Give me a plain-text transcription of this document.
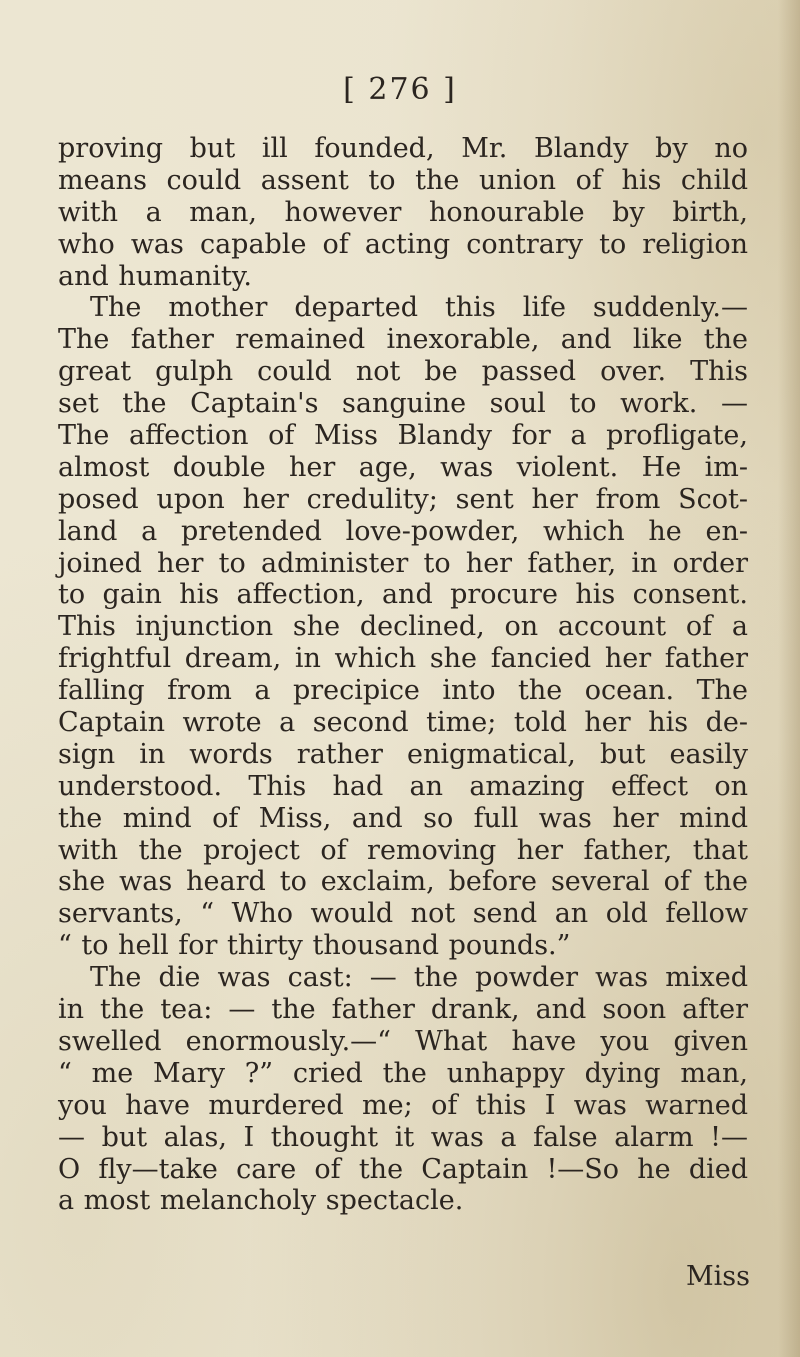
[ 276 ]
proving but ill founded, Mr. Blandy by no
means could assent to the union of his child
with a man, however honourable by birth,
who was capable of acting contrary to religion
and humanity.
The mother departed this life suddenly.—
The father remained inexorable, and like the
great gulph could not be passed over. This
set the Captain's sanguine soul to work. —
The affection of Miss Blandy for a profligate,
almost double her age, was violent. He im-
posed upon her credulity; sent her from Scot-
land a pretended love-powder, which he en-
joined her to administer to her father, in order
to gain his affection, and procure his consent.
This injunction she declined, on account of a
frightful dream, in which she fancied her father
falling from a precipice into the ocean. The
Captain wrote a second time; told her his de-
sign in words rather enigmatical, but easily
understood. This had an amazing effect on
the mind of Miss, and so full was her mind
with the project of removing her father, that
she was heard to exclaim, before several of the
servants, “ Who would not send an old fellow
“ to hell for thirty thousand pounds.”
The die was cast: — the powder was mixed
in the tea: — the father drank, and soon after
swelled enormously.—“ What have you given
“ me Mary ?” cried the unhappy dying man,
you have murdered me; of this I was warned
— but alas, I thought it was a false alarm !—
O fly—take care of the Captain !—So he died
a most melancholy spectacle.
Miss
